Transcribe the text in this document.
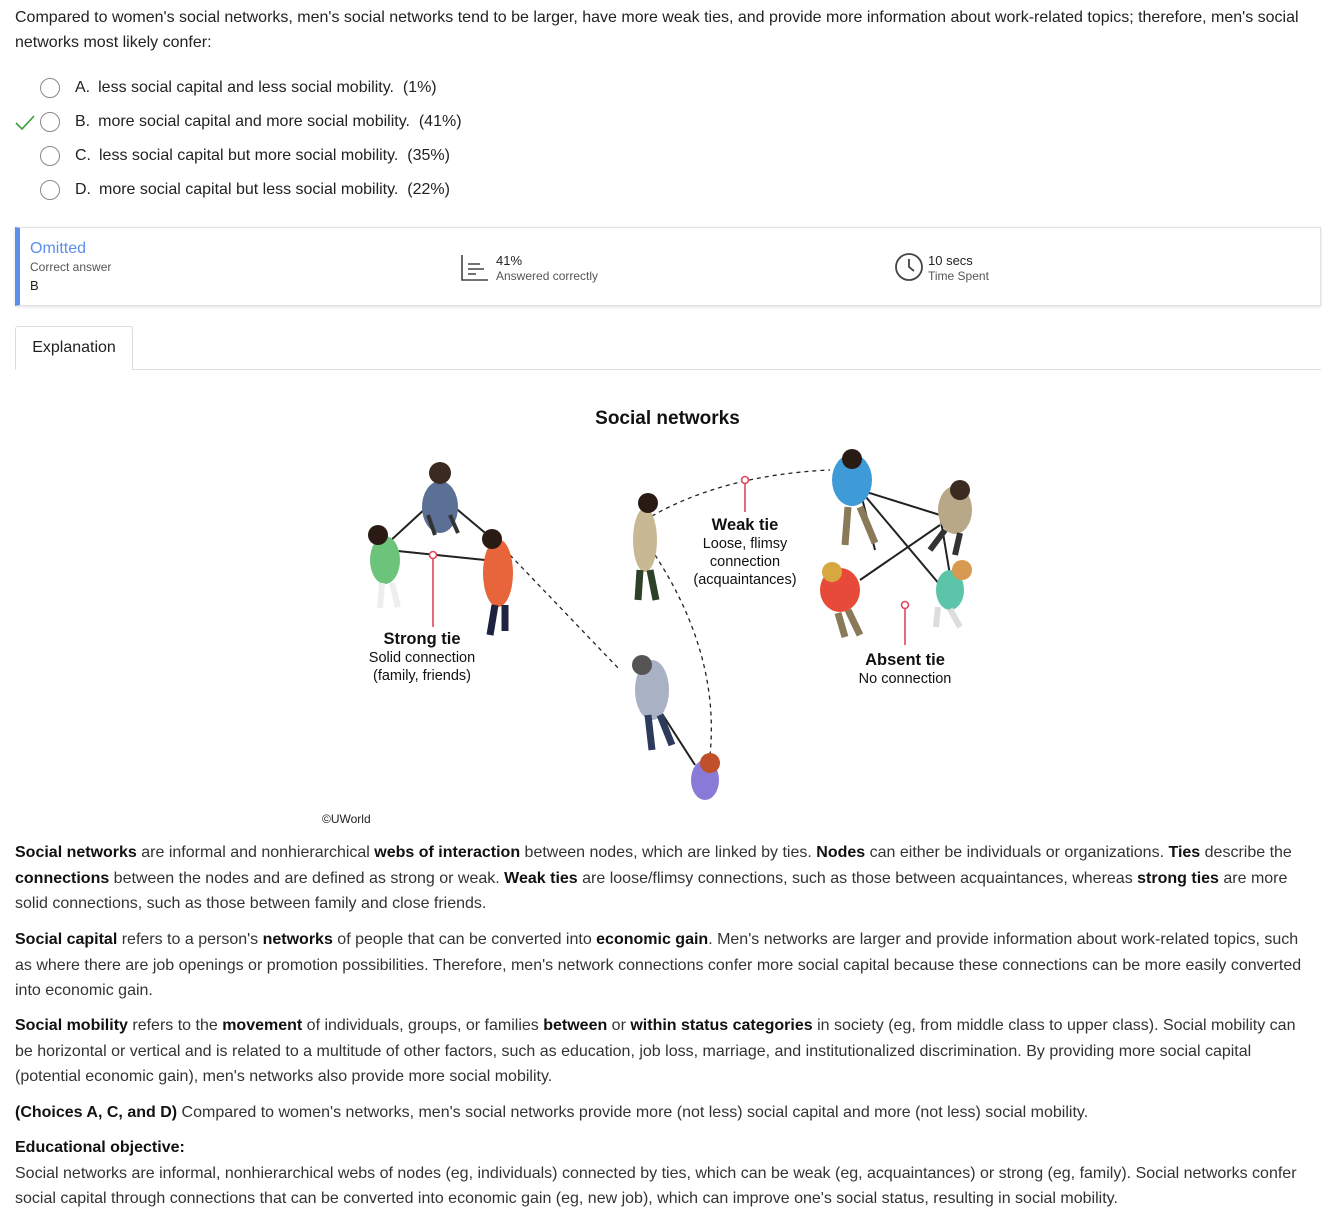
Compared to women's social networks, men's social networks tend to be larger, have more weak ties, and provide more information about work-related topics; therefore, men's social networks most likely confer:
A. less social capital and less social mobility. (1%)
B. more social capital and more social mobility. (41%)
C. less social capital but more social mobility. (35%)
D. more social capital but less social mobility. (22%)
Omitted
Correct answer
B
41%
Answered correctly
10 secs
Time Spent
Explanation
Social networks
Strong tie
Solid connection
(family, friends)
Weak tie
Loose, flimsy
connection
(acquaintances)
Absent tie
No connection
©UWorld
Social networks are informal and nonhierarchical webs of interaction between nodes, which are linked by ties. Nodes can either be individuals or organizations. Ties describe the connections between the nodes and are defined as strong or weak. Weak ties are loose/flimsy connections, such as those between acquaintances, whereas strong ties are more solid connections, such as those between family and close friends.
Social capital refers to a person's networks of people that can be converted into economic gain. Men's networks are larger and provide information about work-related topics, such as where there are job openings or promotion possibilities. Therefore, men's network connections confer more social capital because these connections can be more easily converted into economic gain.
Social mobility refers to the movement of individuals, groups, or families between or within status categories in society (eg, from middle class to upper class). Social mobility can be horizontal or vertical and is related to a multitude of other factors, such as education, job loss, marriage, and institutionalized discrimination. By providing more social capital (potential economic gain), men's networks also provide more social mobility.
(Choices A, C, and D) Compared to women's networks, men's social networks provide more (not less) social capital and more (not less) social mobility.
Educational objective:
Social networks are informal, nonhierarchical webs of nodes (eg, individuals) connected by ties, which can be weak (eg, acquaintances) or strong (eg, family). Social networks confer social capital through connections that can be converted into economic gain (eg, new job), which can improve one's social status, resulting in social mobility.
